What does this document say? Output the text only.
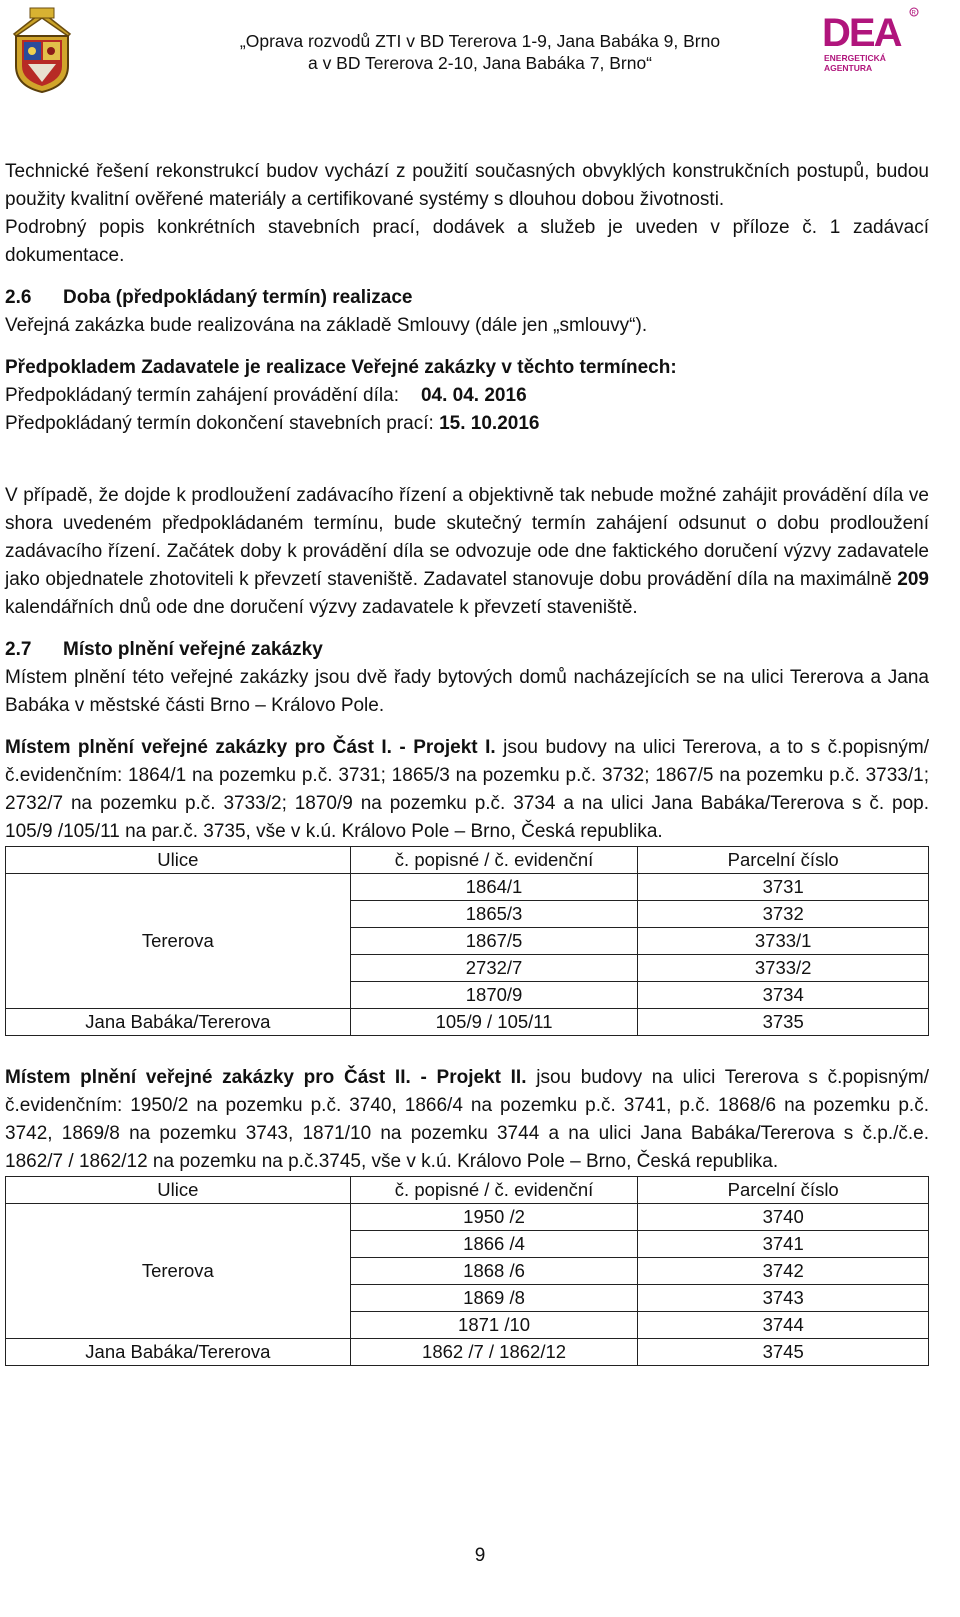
„Oprava rozvodů ZTI v BD Tererova 1-9, Jana Babáka 9, Brno
a v BD Tererova 2-10, Jana Babáka 7, Brno“
DEA R
ENERGETICKÁ
AGENTURA

Technické řešení rekonstrukcí budov vychází z použití současných obvyklých konstrukčních postupů, budou použity kvalitní ověřené materiály a certifikované systémy s dlouhou dobou životnosti.

Podrobný popis konkrétních stavebních prací, dodávek a služeb je uveden v příloze č. 1 zadávací dokumentace.

2.6 Doba (předpokládaný termín) realizace

Veřejná zakázka bude realizována na základě Smlouvy (dále jen „smlouvy“).

Předpokladem Zadavatele je realizace Veřejné zakázky v těchto termínech:

Předpokládaný termín zahájení provádění díla: 04. 04. 2016

Předpokládaný termín dokončení stavebních prací: 15. 10.2016

V případě, že dojde k prodloužení zadávacího řízení a objektivně tak nebude možné zahájit provádění díla ve shora uvedeném předpokládaném termínu, bude skutečný termín zahájení odsunut o dobu prodloužení zadávacího řízení. Začátek doby k provádění díla se odvozuje ode dne faktického doručení výzvy zadavatele jako objednatele zhotoviteli k převzetí staveniště. Zadavatel stanovuje dobu provádění díla na maximálně 209 kalendářních dnů ode dne doručení výzvy zadavatele k převzetí staveniště.

2.7 Místo plnění veřejné zakázky

Místem plnění této veřejné zakázky jsou dvě řady bytových domů nacházejících se na ulici Tererova a Jana Babáka v městské části Brno – Královo Pole.

Místem plnění veřejné zakázky pro Část I. - Projekt I. jsou budovy na ulici Tererova, a to s č.popisným/č.evidenčním: 1864/1 na pozemku p.č. 3731; 1865/3 na pozemku p.č. 3732; 1867/5 na pozemku p.č. 3733/1; 2732/7 na pozemku p.č. 3733/2; 1870/9 na pozemku p.č. 3734 a na ulici Jana Babáka/Tererova s č. pop. 105/9 /105/11 na par.č. 3735, vše v k.ú. Královo Pole – Brno, Česká republika.

Ulice	č. popisné / č. evidenční	Parcelní číslo
Tererova	1864/1	3731
	1865/3	3732
	1867/5	3733/1
	2732/7	3733/2
	1870/9	3734
Jana Babáka/Tererova	105/9 / 105/11	3735

Místem plnění veřejné zakázky pro Část II. - Projekt II. jsou budovy na ulici Tererova s č.popisným/č.evidenčním: 1950/2 na pozemku p.č. 3740, 1866/4 na pozemku p.č. 3741, p.č. 1868/6 na pozemku p.č. 3742, 1869/8 na pozemku 3743, 1871/10 na pozemku 3744 a na ulici Jana Babáka/Tererova s č.p./č.e. 1862/7 / 1862/12 na pozemku na p.č.3745, vše v k.ú. Královo Pole – Brno, Česká republika.

Ulice	č. popisné / č. evidenční	Parcelní číslo
Tererova	1950 /2	3740
	1866 /4	3741
	1868 /6	3742
	1869 /8	3743
	1871 /10	3744
Jana Babáka/Tererova	1862 /7 / 1862/12	3745
9
